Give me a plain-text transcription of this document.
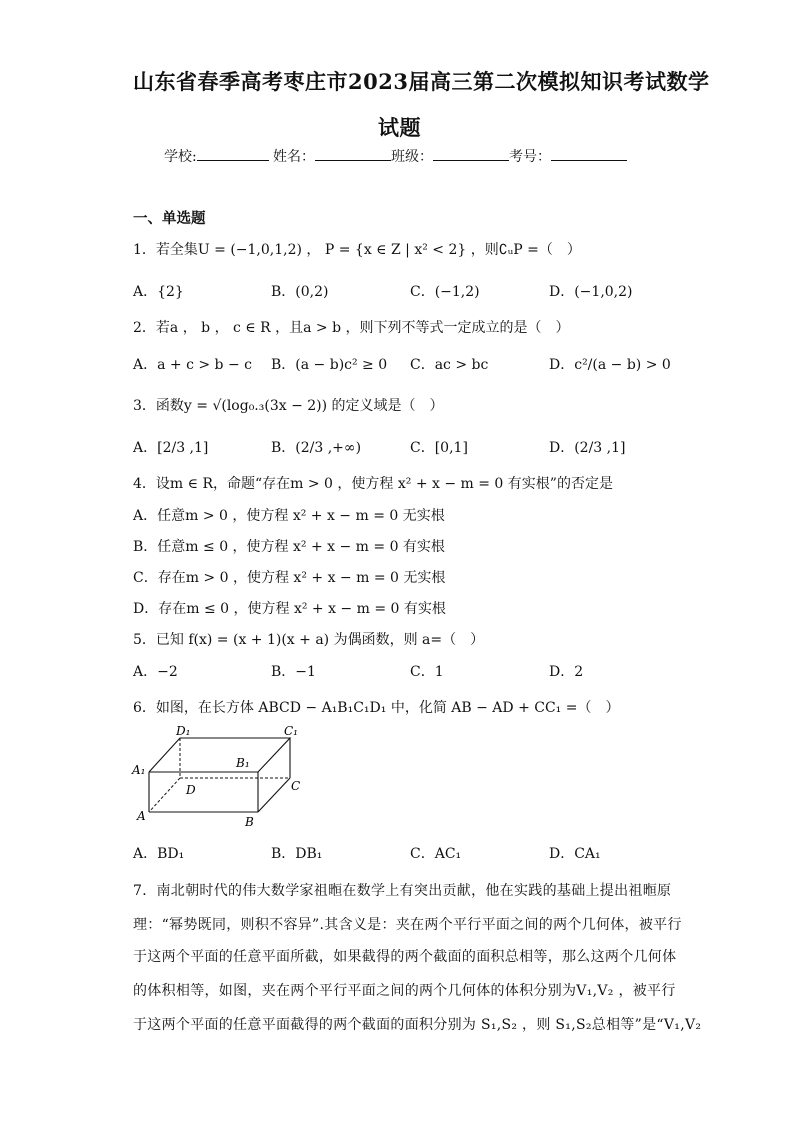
山东省春季高考枣庄市2023届高三第二次模拟知识考试数学
试题
学校:	姓名：	班级：	考号：
一、单选题
1．若全集U = (−1,0,1,2) ， P = {x ∈ Z | x² < 2} ，则∁ᵤP =（　）
A．{2}	B．(0,2)	C．(−1,2)	D．(−1,0,2)
2．若a ， b ， c ∈ R ，且a > b ，则下列不等式一定成立的是（　）
A．a + c > b − c B．(a − b)c² ≥ 0 C．ac > bc	D．c²/(a − b) > 0
3．函数y = √(log₀.₃(3x − 2)) 的定义域是（　）
A．[2/3 ,1]	B．(2/3 ,+∞)	C．[0,1]	D．(2/3 ,1]
4．设m ∈ R，命题“存在m > 0 ，使方程 x² + x − m = 0 有实根”的否定是
A．任意m > 0 ，使方程 x² + x − m = 0 无实根
B．任意m ≤ 0 ，使方程 x² + x − m = 0 有实根
C．存在m > 0 ，使方程 x² + x − m = 0 无实根
D．存在m ≤ 0 ，使方程 x² + x − m = 0 有实根
5．已知 f(x) = (x + 1)(x + a) 为偶函数，则 a=（　）
A．−2	B．−1	C．1	D．2
6．如图，在长方体 ABCD − A₁B₁C₁D₁ 中，化简 AB − AD + CC₁ =（　）
D₁	C₁
A₁	B₁
D	C
A	B
A．BD₁	B．DB₁	C．AC₁	D．CA₁
7．南北朝时代的伟大数学家祖暅在数学上有突出贡献，他在实践的基础上提出祖暅原
理：“幂势既同，则积不容异”.其含义是：夹在两个平行平面之间的两个几何体，被平行
于这两个平面的任意平面所截，如果截得的两个截面的面积总相等，那么这两个几何体
的体积相等，如图，夹在两个平行平面之间的两个几何体的体积分别为V₁,V₂ ，被平行
于这两个平面的任意平面截得的两个截面的面积分别为 S₁,S₂ ，则 S₁,S₂总相等”是“V₁,V₂
